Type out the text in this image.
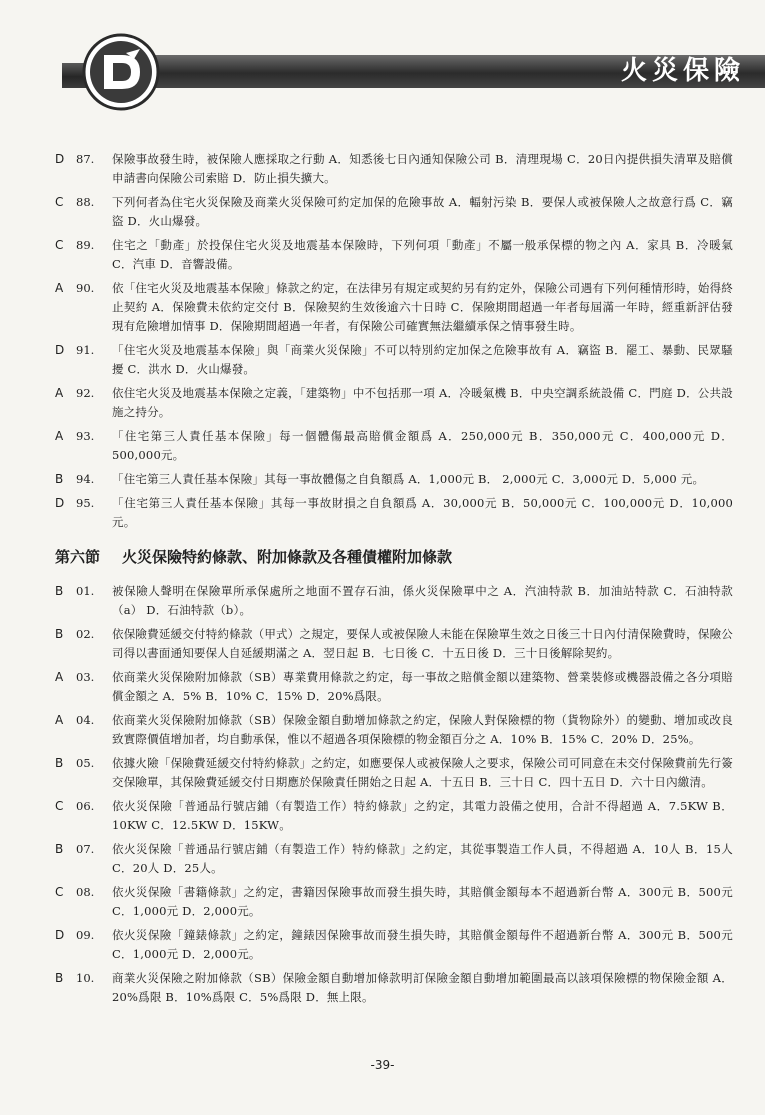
火災保險
D	87.	保險事故發生時，被保險人應採取之行動 A．知悉後七日內通知保險公司 B．清理現場 C．20日內提供損失清單及賠償申請書向保險公司索賠 D．防止損失擴大。
C	88.	下列何者為住宅火災保險及商業火災保險可約定加保的危險事故 A．輻射污染 B．要保人或被保險人之故意行爲 C．竊盜 D．火山爆發。
C	89.	住宅之「動產」於投保住宅火災及地震基本保險時，下列何項「動產」不屬一般承保標的物之內 A．家具 B．冷暖氣 C．汽車 D．音響設備。
A	90.	依「住宅火災及地震基本保險」條款之約定，在法律另有規定或契約另有約定外，保險公司遇有下列何種情形時，始得終止契約 A．保險費未依約定交付 B．保險契約生效後逾六十日時 C．保險期間超過一年者每屆滿一年時，經重新評估發現有危險增加情事 D．保險期間超過一年者，有保險公司確實無法繼續承保之情事發生時。
D	91.	「住宅火災及地震基本保險」與「商業火災保險」不可以特別約定加保之危險事故有 A．竊盜 B．罷工、暴動、民眾騷擾 C．洪水 D．火山爆發。
A	92.	依住宅火災及地震基本保險之定義，「建築物」中不包括那一項 A．冷暖氣機 B．中央空調系統設備 C．門庭 D．公共設施之持分。
A	93.	「住宅第三人責任基本保險」每一個體傷最高賠償金額爲 A．250,000元 B．350,000元 C．400,000元 D． 500,000元。
B	94.	「住宅第三人責任基本保險」其每一事故體傷之自負額爲 A．1,000元 B． 2,000元 C．3,000元 D．5,000 元。
D	95.	「住宅第三人責任基本保險」其每一事故財損之自負額爲 A．30,000元 B．50,000元 C．100,000元 D．10,000元。
第六節 火災保險特約條款、附加條款及各種債權附加條款
B	01.	被保險人聲明在保險單所承保處所之地面不置存石油，係火災保險單中之 A．汽油特款 B．加油站特款 C．石油特款（a） D．石油特款（b）。
B	02.	依保險費延緩交付特約條款（甲式）之規定，要保人或被保險人未能在保險單生效之日後三十日內付清保險費時，保險公司得以書面通知要保人自延緩期滿之 A．翌日起 B．七日後 C．十五日後 D．三十日後解除契約。
A	03.	依商業火災保險附加條款（SB）專業費用條款之約定，每一事故之賠償金額以建築物、營業裝修或機器設備之各分項賠償金額之 A．5% B．10% C．15% D．20%爲限。
A	04.	依商業火災保險附加條款（SB）保險金額自動增加條款之約定，保險人對保險標的物（貨物除外）的變動、增加或改良致實際價值增加者，均自動承保，惟以不超過各項保險標的物金額百分之 A．10% B．15% C．20% D．25%。
B	05.	依據火險「保險費延緩交付特約條款」之約定，如應要保人或被保險人之要求，保險公司可同意在未交付保險費前先行簽交保險單，其保險費延緩交付日期應於保險責任開始之日起 A．十五日 B．三十日 C．四十五日 D．六十日內繳清。
C	06.	依火災保險「普通品行號店鋪（有製造工作）特約條款」之約定，其電力設備之使用，合計不得超過 A．7.5KW B．10KW C．12.5KW D．15KW。
B	07.	依火災保險「普通品行號店鋪（有製造工作）特約條款」之約定，其從事製造工作人員，不得超過 A．10人 B．15人 C．20人 D．25人。
C	08.	依火災保險「書籍條款」之約定，書籍因保險事故而發生損失時，其賠償金額每本不超過新台幣 A．300元 B．500元 C．1,000元 D．2,000元。
D	09.	依火災保險「鐘錶條款」之約定，鐘錶因保險事故而發生損失時，其賠償金額每件不超過新台幣 A．300元 B．500元 C．1,000元 D．2,000元。
B	10.	商業火災保險之附加條款（SB）保險金額自動增加條款明訂保險金額自動增加範圍最高以該項保險標的物保險金額 A．20%爲限 B．10%爲限 C．5%爲限 D．無上限。
-39-
